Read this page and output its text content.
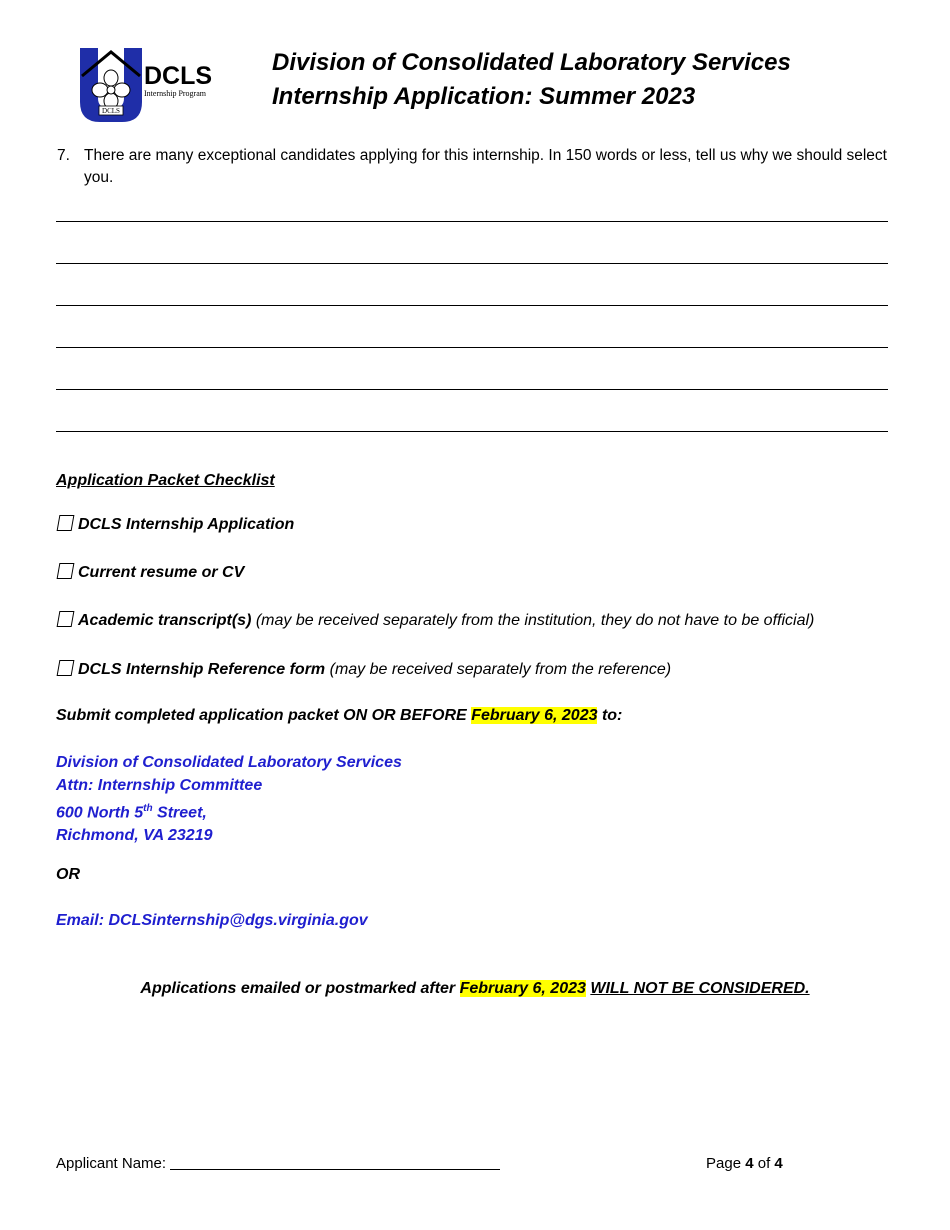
DCLS
DCLS
Internship Program
Division of Consolidated Laboratory Services
Internship Application: Summer 2023
7. There are many exceptional candidates applying for this internship. In 150 words or less, tell us why we should select you.
Application Packet Checklist
DCLS Internship Application
Current resume or CV
Academic transcript(s) (may be received separately from the institution, they do not have to be official)
DCLS Internship Reference form (may be received separately from the reference)
Submit completed application packet ON OR BEFORE February 6, 2023 to:
Division of Consolidated Laboratory Services
Attn: Internship Committee
600 North 5th Street,
Richmond, VA 23219
OR
Email: DCLSinternship@dgs.virginia.gov
Applications emailed or postmarked after February 6, 2023 WILL NOT BE CONSIDERED.
Applicant Name:	Page 4 of 4
